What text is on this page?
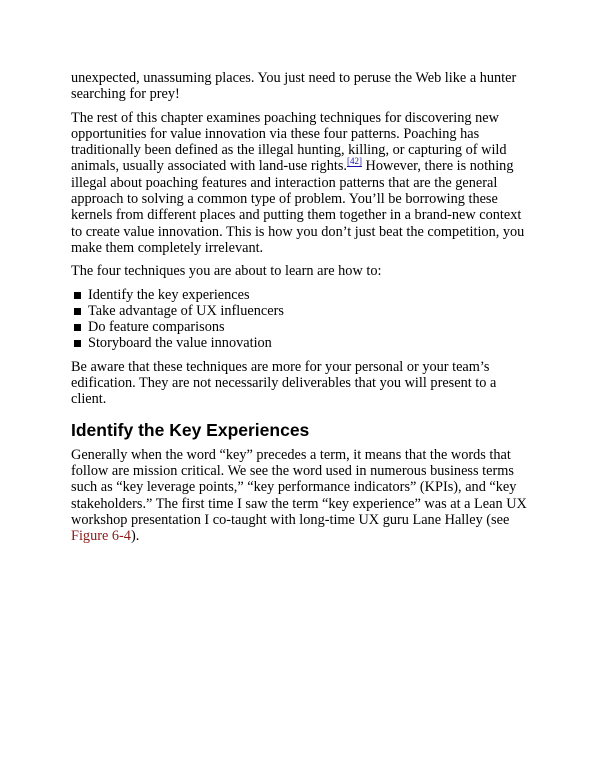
unexpected, unassuming places. You just need to peruse the Web like a hunter searching for prey!

The rest of this chapter examines poaching techniques for discovering new opportunities for value innovation via these four patterns. Poaching has traditionally been defined as the illegal hunting, killing, or capturing of wild animals, usually associated with land-use rights.[42] However, there is nothing illegal about poaching features and interaction patterns that are the general approach to solving a common type of problem. You’ll be borrowing these kernels from different places and putting them together in a brand-new context to create value innovation. This is how you don’t just beat the competition, you make them completely irrelevant.

The four techniques you are about to learn are how to:

Identify the key experiences
Take advantage of UX influencers
Do feature comparisons
Storyboard the value innovation

Be aware that these techniques are more for your personal or your team’s edification. They are not necessarily deliverables that you will present to a client.

Identify the Key Experiences

Generally when the word “key” precedes a term, it means that the words that follow are mission critical. We see the word used in numerous business terms such as “key leverage points,” “key performance indicators” (KPIs), and “key stakeholders.” The first time I saw the term “key experience” was at a Lean UX workshop presentation I co-taught with long-time UX guru Lane Halley (see Figure 6-4).
